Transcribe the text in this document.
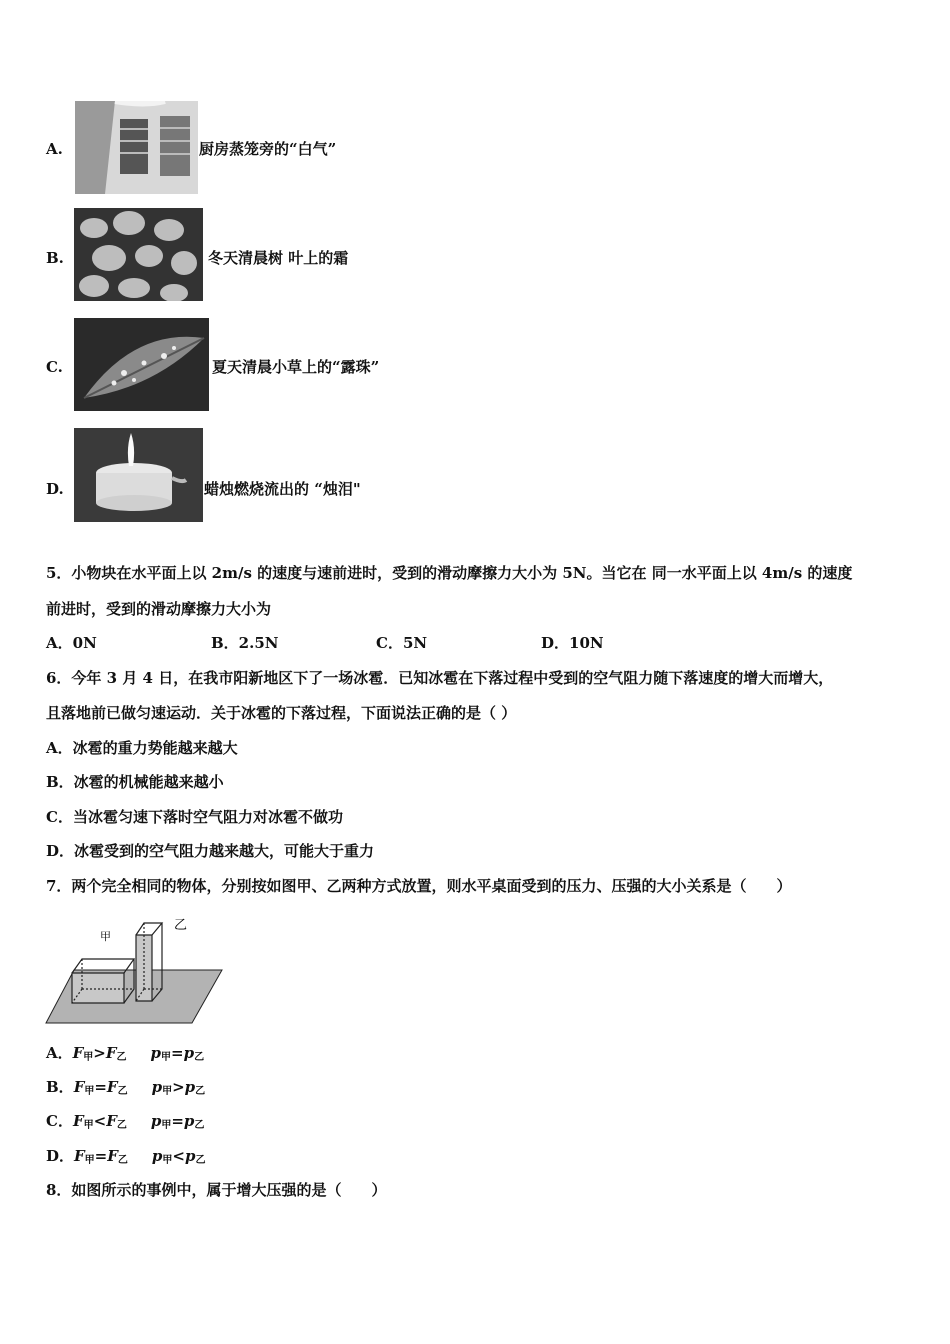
A.	厨房蒸笼旁的“白气”
B.	冬天清晨树 叶上的霜
C.	夏天清晨小草上的“露珠”
D.	蜡烛燃烧流出的 “烛泪"
5．小物块在水平面上以 2m/s 的速度与速前进时，受到的滑动摩擦力大小为 5N。当它在 同一水平面上以 4m/s 的速度
前进时，受到的滑动摩擦力大小为
A．0N	B．2.5N	C．5N	D．10N
6．今年 3 月 4 日，在我市阳新地区下了一场冰雹．已知冰雹在下落过程中受到的空气阻力随下落速度的增大而增大，
且落地前已做匀速运动．关于冰雹的下落过程，下面说法正确的是（ ）
A．冰雹的重力势能越来越大
B．冰雹的机械能越来越小
C．当冰雹匀速下落时空气阻力对冰雹不做功
D．冰雹受到的空气阻力越来越大，可能大于重力
7．两个完全相同的物体，分别按如图甲、乙两种方式放置，则水平桌面受到的压力、压强的大小关系是（　　）
甲
乙
A．$F_甲>F_乙$ $p_甲=p_乙$
B．$F_甲=F_乙$ $p_甲>p_乙$
C．$F_甲<F_乙$ $p_甲=p_乙$
D．$F_甲=F_乙$ $p_甲<p_乙$
8．如图所示的事例中，属于增大压强的是（　　）
